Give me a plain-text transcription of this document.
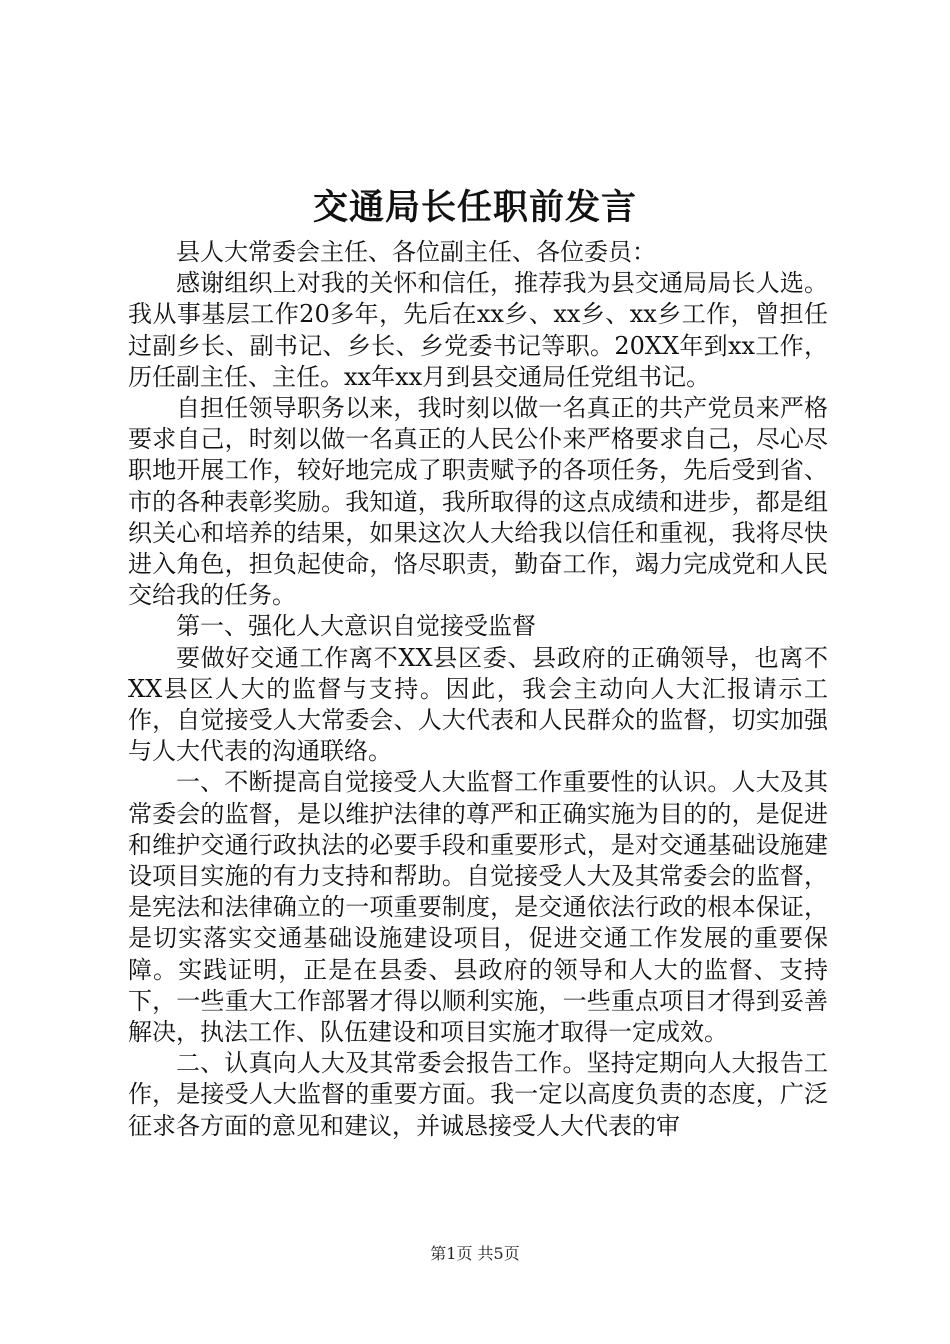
交通局长任职前发言

县人大常委会主任、各位副主任、各位委员：

感谢组织上对我的关怀和信任，推荐我为县交通局局长人选。我从事基层工作20多年，先后在xx乡、xx乡、xx乡工作，曾担任过副乡长、副书记、乡长、乡党委书记等职。20XX年到xx工作，历任副主任、主任。xx年xx月到县交通局任党组书记。

自担任领导职务以来，我时刻以做一名真正的共产党员来严格要求自己，时刻以做一名真正的人民公仆来严格要求自己，尽心尽职地开展工作，较好地完成了职责赋予的各项任务，先后受到省、市的各种表彰奖励。我知道，我所取得的这点成绩和进步，都是组织关心和培养的结果，如果这次人大给我以信任和重视，我将尽快进入角色，担负起使命，恪尽职责，勤奋工作，竭力完成党和人民交给我的任务。

第一、强化人大意识自觉接受监督

要做好交通工作离不XX县区委、县政府的正确领导，也离不XX县区人大的监督与支持。因此，我会主动向人大汇报请示工作，自觉接受人大常委会、人大代表和人民群众的监督，切实加强与人大代表的沟通联络。

一、不断提高自觉接受人大监督工作重要性的认识。人大及其常委会的监督，是以维护法律的尊严和正确实施为目的的，是促进和维护交通行政执法的必要手段和重要形式，是对交通基础设施建设项目实施的有力支持和帮助。自觉接受人大及其常委会的监督，是宪法和法律确立的一项重要制度，是交通依法行政的根本保证，是切实落实交通基础设施建设项目，促进交通工作发展的重要保障。实践证明，正是在县委、县政府的领导和人大的监督、支持下，一些重大工作部署才得以顺利实施，一些重点项目才得到妥善解决，执法工作、队伍建设和项目实施才取得一定成效。

二、认真向人大及其常委会报告工作。坚持定期向人大报告工作，是接受人大监督的重要方面。我一定以高度负责的态度，广泛征求各方面的意见和建议，并诚恳接受人大代表的审

第1页 共5页
